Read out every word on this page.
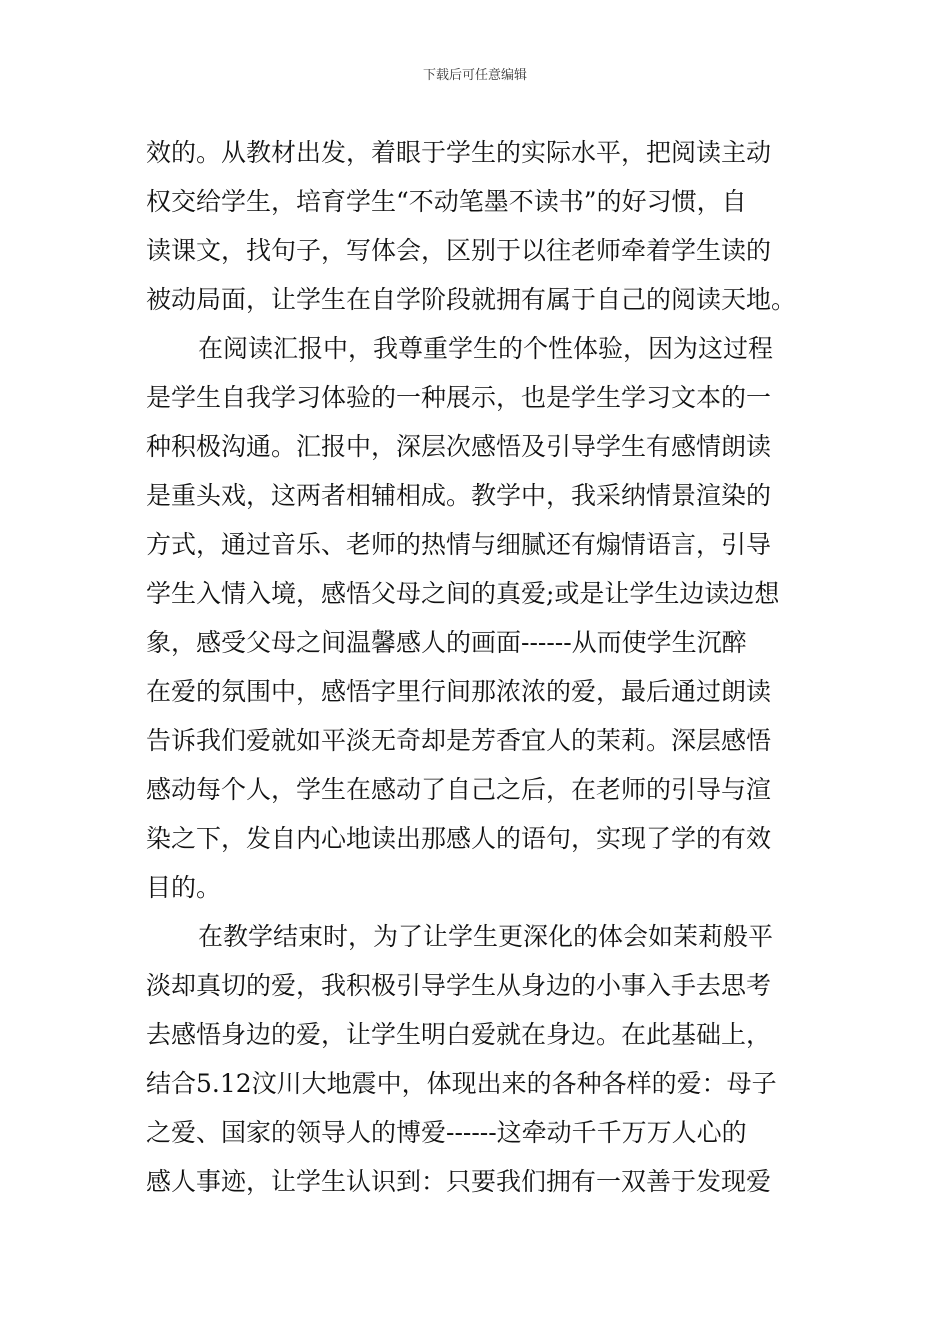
下载后可任意编辑
效的。从教材出发，着眼于学生的实际水平，把阅读主动
权交给学生，培育学生“不动笔墨不读书”的好习惯，自
读课文，找句子，写体会，区别于以往老师牵着学生读的
被动局面，让学生在自学阶段就拥有属于自己的阅读天地。
在阅读汇报中，我尊重学生的个性体验，因为这过程
是学生自我学习体验的一种展示，也是学生学习文本的一
种积极沟通。汇报中，深层次感悟及引导学生有感情朗读
是重头戏，这两者相辅相成。教学中，我采纳情景渲染的
方式，通过音乐、老师的热情与细腻还有煽情语言，引导
学生入情入境，感悟父母之间的真爱;或是让学生边读边想
象，感受父母之间温馨感人的画面------从而使学生沉醉
在爱的氛围中，感悟字里行间那浓浓的爱，最后通过朗读
告诉我们爱就如平淡无奇却是芳香宜人的茉莉。深层感悟
感动每个人，学生在感动了自己之后，在老师的引导与渲
染之下，发自内心地读出那感人的语句，实现了学的有效
目的。
在教学结束时，为了让学生更深化的体会如茉莉般平
淡却真切的爱，我积极引导学生从身边的小事入手去思考
去感悟身边的爱，让学生明白爱就在身边。在此基础上，
结合5.12汶川大地震中，体现出来的各种各样的爱：母子
之爱、国家的领导人的博爱------这牵动千千万万人心的
感人事迹，让学生认识到：只要我们拥有一双善于发现爱
